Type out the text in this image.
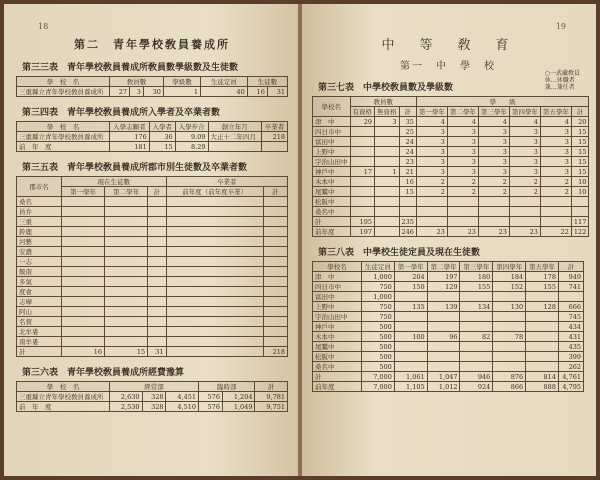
18
第二　青年學校敎員養成所
第三三表　青年學校敎員養成所敎員數學級數及生徒數
學　校　名	敎員數			學級數	生徒定員	生徒數	
三重縣立青年學校敎員養成所	27	3	30	1	40	16	31
第三四表　青年學校敎員養成所入學者及卒業者數
學　校　名	入學志願者	入學者	入學步合	創立年月	卒業者
三重縣立青年學校敎員養成所	176	36	9.09	大正十二年四月	218
前　年　度	181	15	8.29		
第三五表　青年學校敎員養成所郡市別生徒數及卒業者數
郡市名	現在生徒數			卒業者	
	第一學年	第二學年	計	前年度（前年度卒業）	計
桑名					
員弁					
三重					
鈴鹿					
河藝					
安濃					
一志					
飯南					
多氣					
度會					
志摩					
阿山					
名賀					
北牟婁					
南牟婁					
計	16	15	31		218
第三六表　青年學校敎員養成所經費豫算
學　校　名	經常部			臨時部		計
三重縣立青年學校敎員養成所	2,630	328	4,451	576	1,204	9,781
前　年　度	2,530	328	4,510	576	1,049	9,751
19
中　等　敎　育
第一　中　學　校
○一武藏敎員
休…休職者
兼…兼任者
第三七表　中學校敎員數及學級數
學校名	敎員數			學　　級					
	有資格	無資格	計	第一學年	第二學年	第三學年	第四學年	第五學年	計
津　中	29	3	35	4	4	4	4	4	20
四日市中			25	3	3	3	3	3	15
富田中			24	3	3	3	3	3	15
上野中			24	3	3	3	3	3	15
宇治山田中			23	3	3	3	3	3	15
神戶中	17	1	21	3	3	3	3	3	15
木本中			16	2	2	2	2	2	10
尾鷲中			15	2	2	2	2	2	10
松阪中									
桑名中									
計	195		235						117
前年度	197		246	23	23	23	23	22	122
第三八表　中學校生徒定員及現在生徒數
學校名	生徒定員	第一學年	第二學年	第三學年	第四學年	第五學年	計
津　中	1,000	204	197	180	184	178	949
四日市中	750	150	129	155	152	155	741
富田中	1,000						
上野中	750	135	139	134	130	128	666
宇治山田中	750						745
神戶中	500						434
木本中	500	100	96	82	78		431
尾鷲中	500						435
松阪中	500						399
桑名中	500						262
計	7,000	1,061	1,047	946	876	814	4,761
前年度	7,000	1,105	1,012	924	866	888	4,795
